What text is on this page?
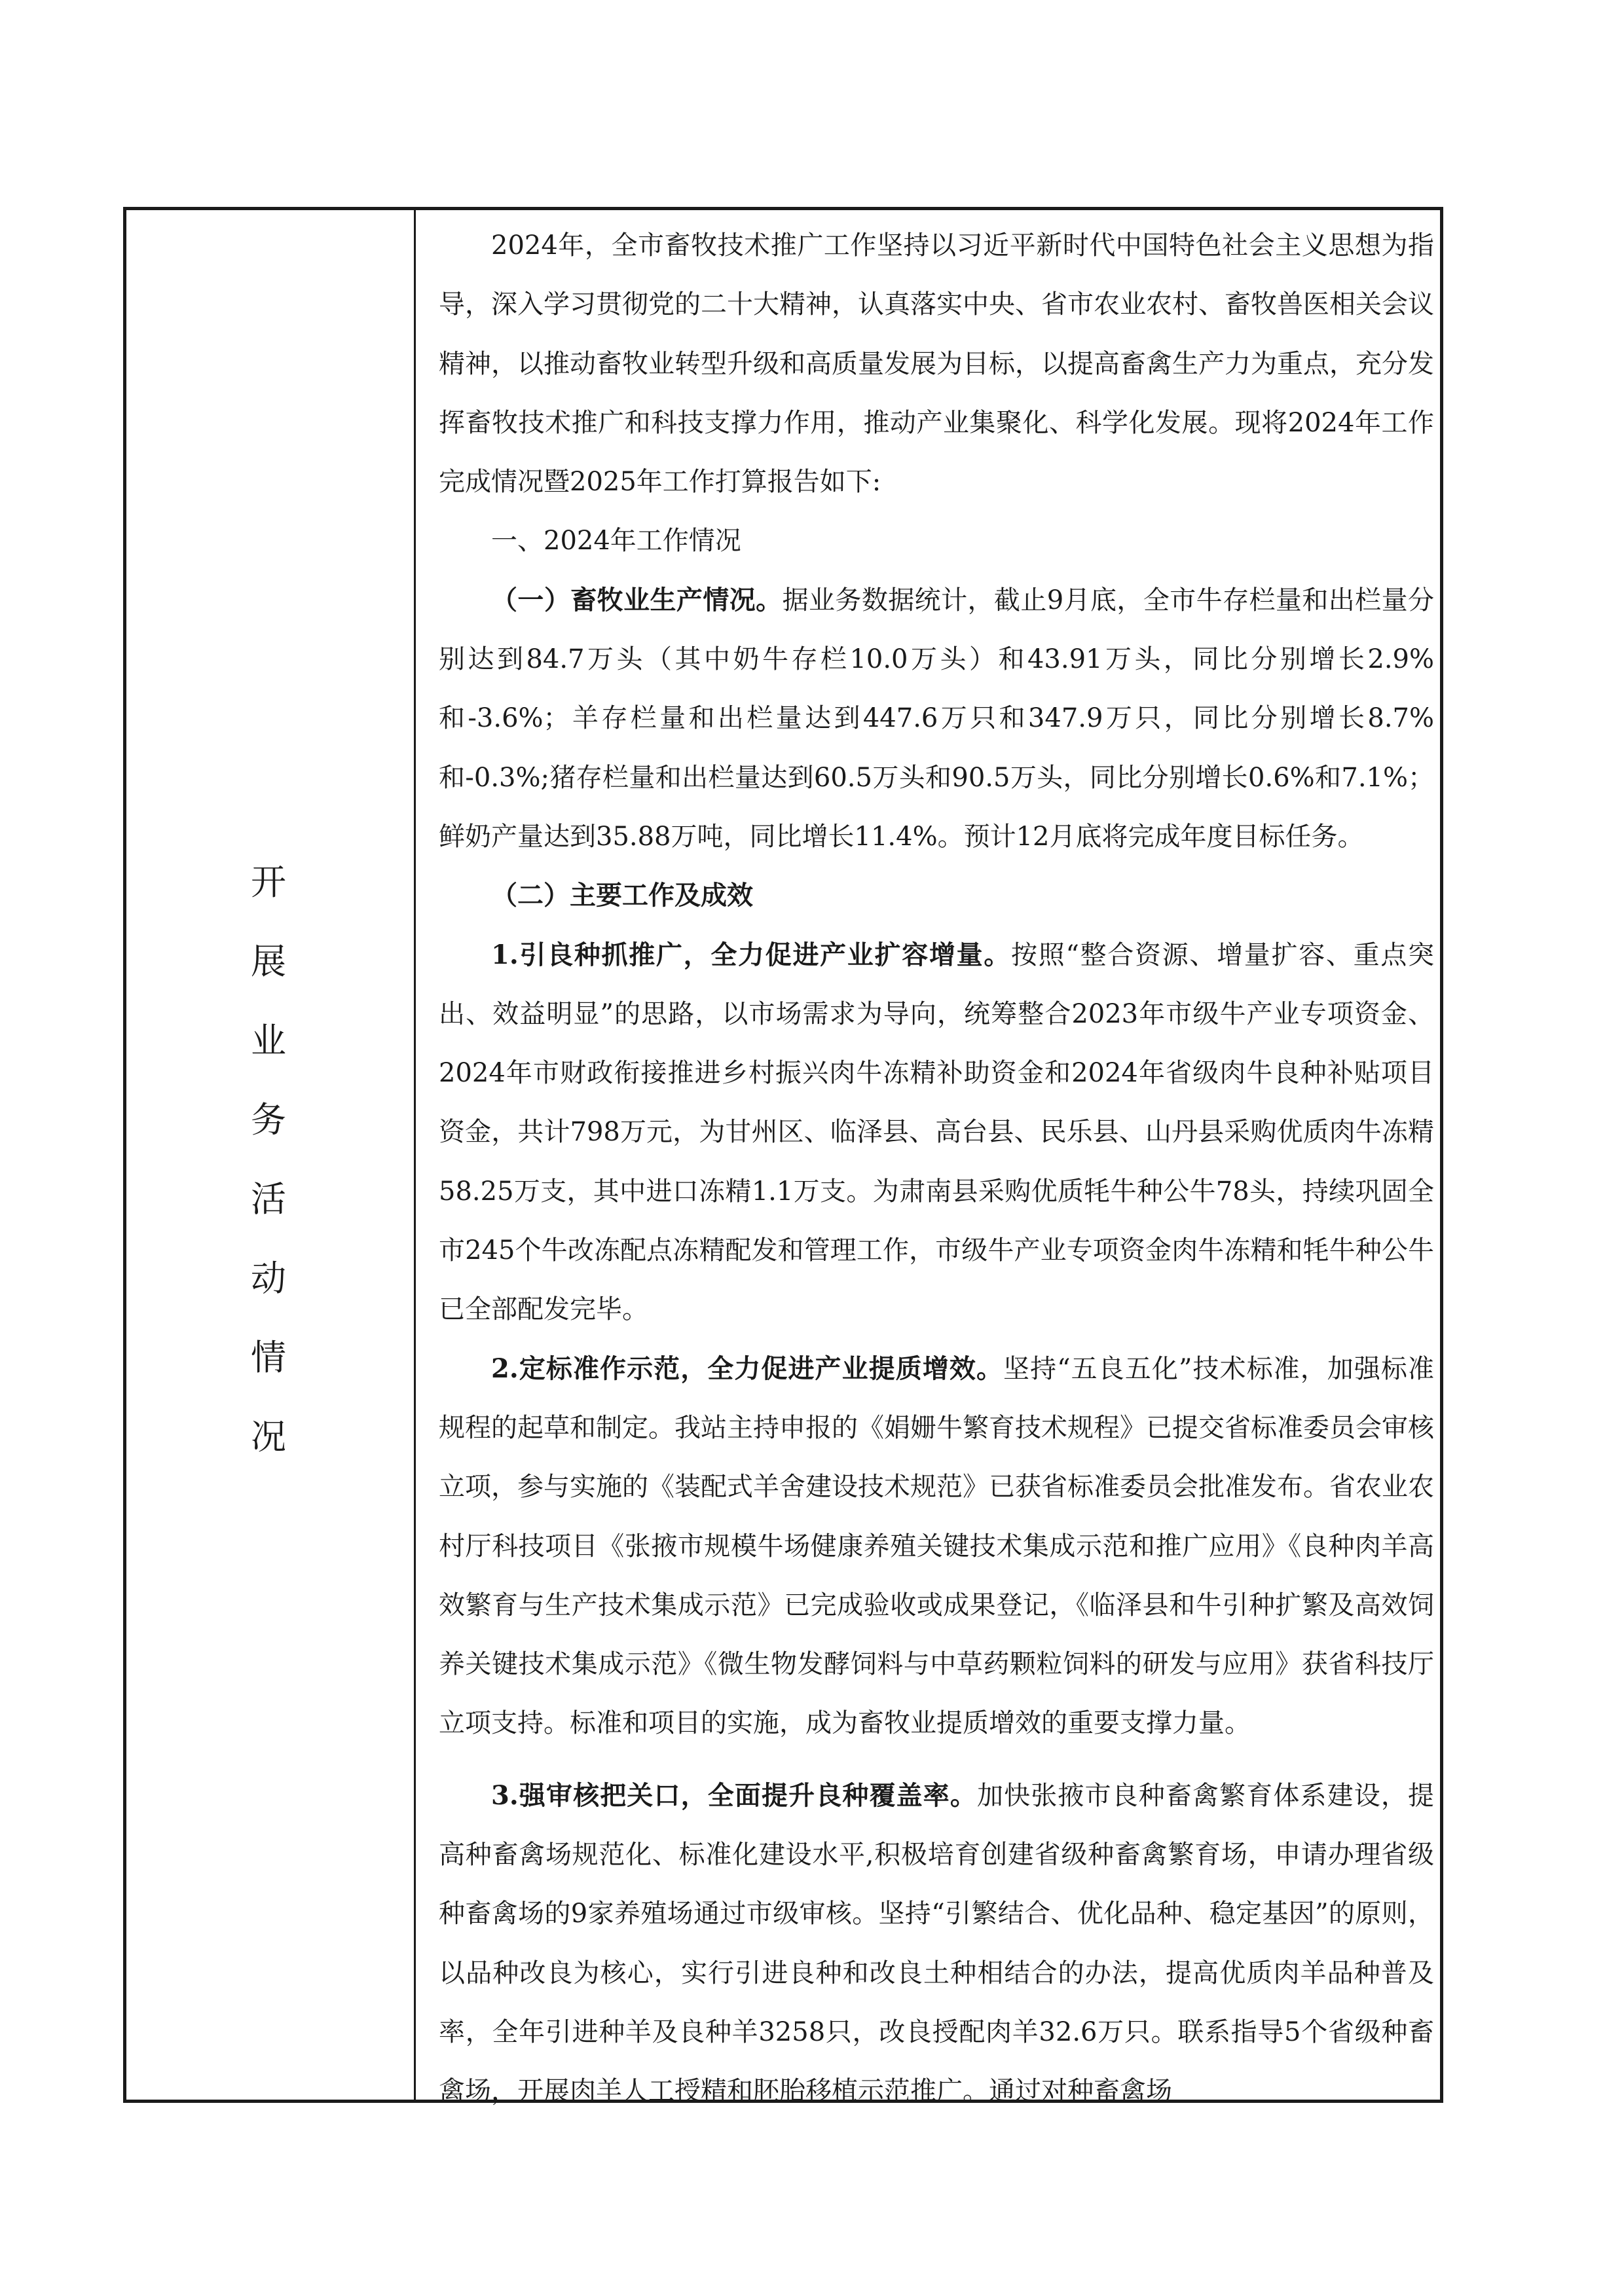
开
展
业
务
活
动
情
况

2024年，全市畜牧技术推广工作坚持以习近平新时代中国特色社会主义思想为指导，深入学习贯彻党的二十大精神，认真落实中央、省市农业农村、畜牧兽医相关会议精神，以推动畜牧业转型升级和高质量发展为目标，以提高畜禽生产力为重点，充分发挥畜牧技术推广和科技支撑力作用，推动产业集聚化、科学化发展。现将2024年工作完成情况暨2025年工作打算报告如下:

一、2024年工作情况

（一）畜牧业生产情况。据业务数据统计，截止9月底，全市牛存栏量和出栏量分别达到84.7万头（其中奶牛存栏10.0万头）和43.91万头，同比分别增长2.9%和-3.6%；羊存栏量和出栏量达到447.6万只和347.9万只，同比分别增长8.7%和-0.3%;猪存栏量和出栏量达到60.5万头和90.5万头，同比分别增长0.6%和7.1%；鲜奶产量达到35.88万吨，同比增长11.4%。预计12月底将完成年度目标任务。

（二）主要工作及成效

1.引良种抓推广，全力促进产业扩容增量。按照“整合资源、增量扩容、重点突出、效益明显”的思路，以市场需求为导向，统筹整合2023年市级牛产业专项资金、2024年市财政衔接推进乡村振兴肉牛冻精补助资金和2024年省级肉牛良种补贴项目资金，共计798万元，为甘州区、临泽县、高台县、民乐县、山丹县采购优质肉牛冻精58.25万支，其中进口冻精1.1万支。为肃南县采购优质牦牛种公牛78头，持续巩固全市245个牛改冻配点冻精配发和管理工作，市级牛产业专项资金肉牛冻精和牦牛种公牛已全部配发完毕。

2.定标准作示范，全力促进产业提质增效。坚持“五良五化”技术标准，加强标准规程的起草和制定。我站主持申报的《娟姗牛繁育技术规程》已提交省标准委员会审核立项，参与实施的《装配式羊舍建设技术规范》已获省标准委员会批准发布。省农业农村厅科技项目《张掖市规模牛场健康养殖关键技术集成示范和推广应用》《良种肉羊高效繁育与生产技术集成示范》已完成验收或成果登记，《临泽县和牛引种扩繁及高效饲养关键技术集成示范》《微生物发酵饲料与中草药颗粒饲料的研发与应用》获省科技厅立项支持。标准和项目的实施，成为畜牧业提质增效的重要支撑力量。

3.强审核把关口，全面提升良种覆盖率。加快张掖市良种畜禽繁育体系建设，提高种畜禽场规范化、标准化建设水平,积极培育创建省级种畜禽繁育场，申请办理省级种畜禽场的9家养殖场通过市级审核。坚持“引繁结合、优化品种、稳定基因”的原则，以品种改良为核心，实行引进良种和改良土种相结合的办法，提高优质肉羊品种普及率，全年引进种羊及良种羊3258只，改良授配肉羊32.6万只。联系指导5个省级种畜禽场，开展肉羊人工授精和胚胎移植示范推广。通过对种畜禽场
